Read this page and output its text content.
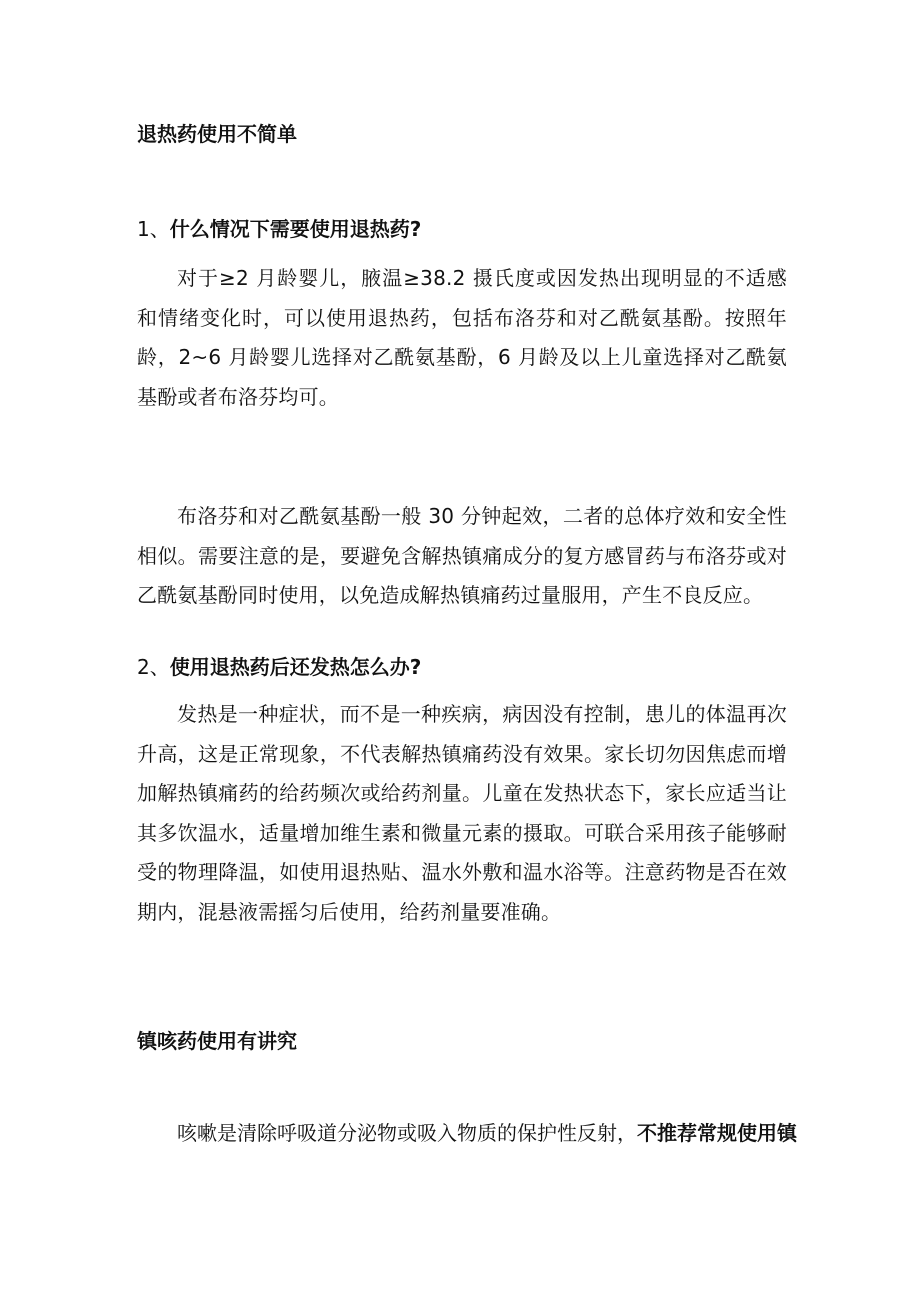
退热药使用不简单
1、什么情况下需要使用退热药?
对于≥2 月龄婴儿，腋温≥38.2 摄氏度或因发热出现明显的不适感和情绪变化时，可以使用退热药，包括布洛芬和对乙酰氨基酚。按照年龄，2~6 月龄婴儿选择对乙酰氨基酚，6 月龄及以上儿童选择对乙酰氨基酚或者布洛芬均可。
布洛芬和对乙酰氨基酚一般 30 分钟起效，二者的总体疗效和安全性相似。需要注意的是，要避免含解热镇痛成分的复方感冒药与布洛芬或对乙酰氨基酚同时使用，以免造成解热镇痛药过量服用，产生不良反应。
2、使用退热药后还发热怎么办?
发热是一种症状，而不是一种疾病，病因没有控制，患儿的体温再次升高，这是正常现象，不代表解热镇痛药没有效果。家长切勿因焦虑而增加解热镇痛药的给药频次或给药剂量。儿童在发热状态下，家长应适当让其多饮温水，适量增加维生素和微量元素的摄取。可联合采用孩子能够耐受的物理降温，如使用退热贴、温水外敷和温水浴等。注意药物是否在效期内，混悬液需摇匀后使用，给药剂量要准确。
镇咳药使用有讲究
咳嗽是清除呼吸道分泌物或吸入物质的保护性反射，不推荐常规使用镇
